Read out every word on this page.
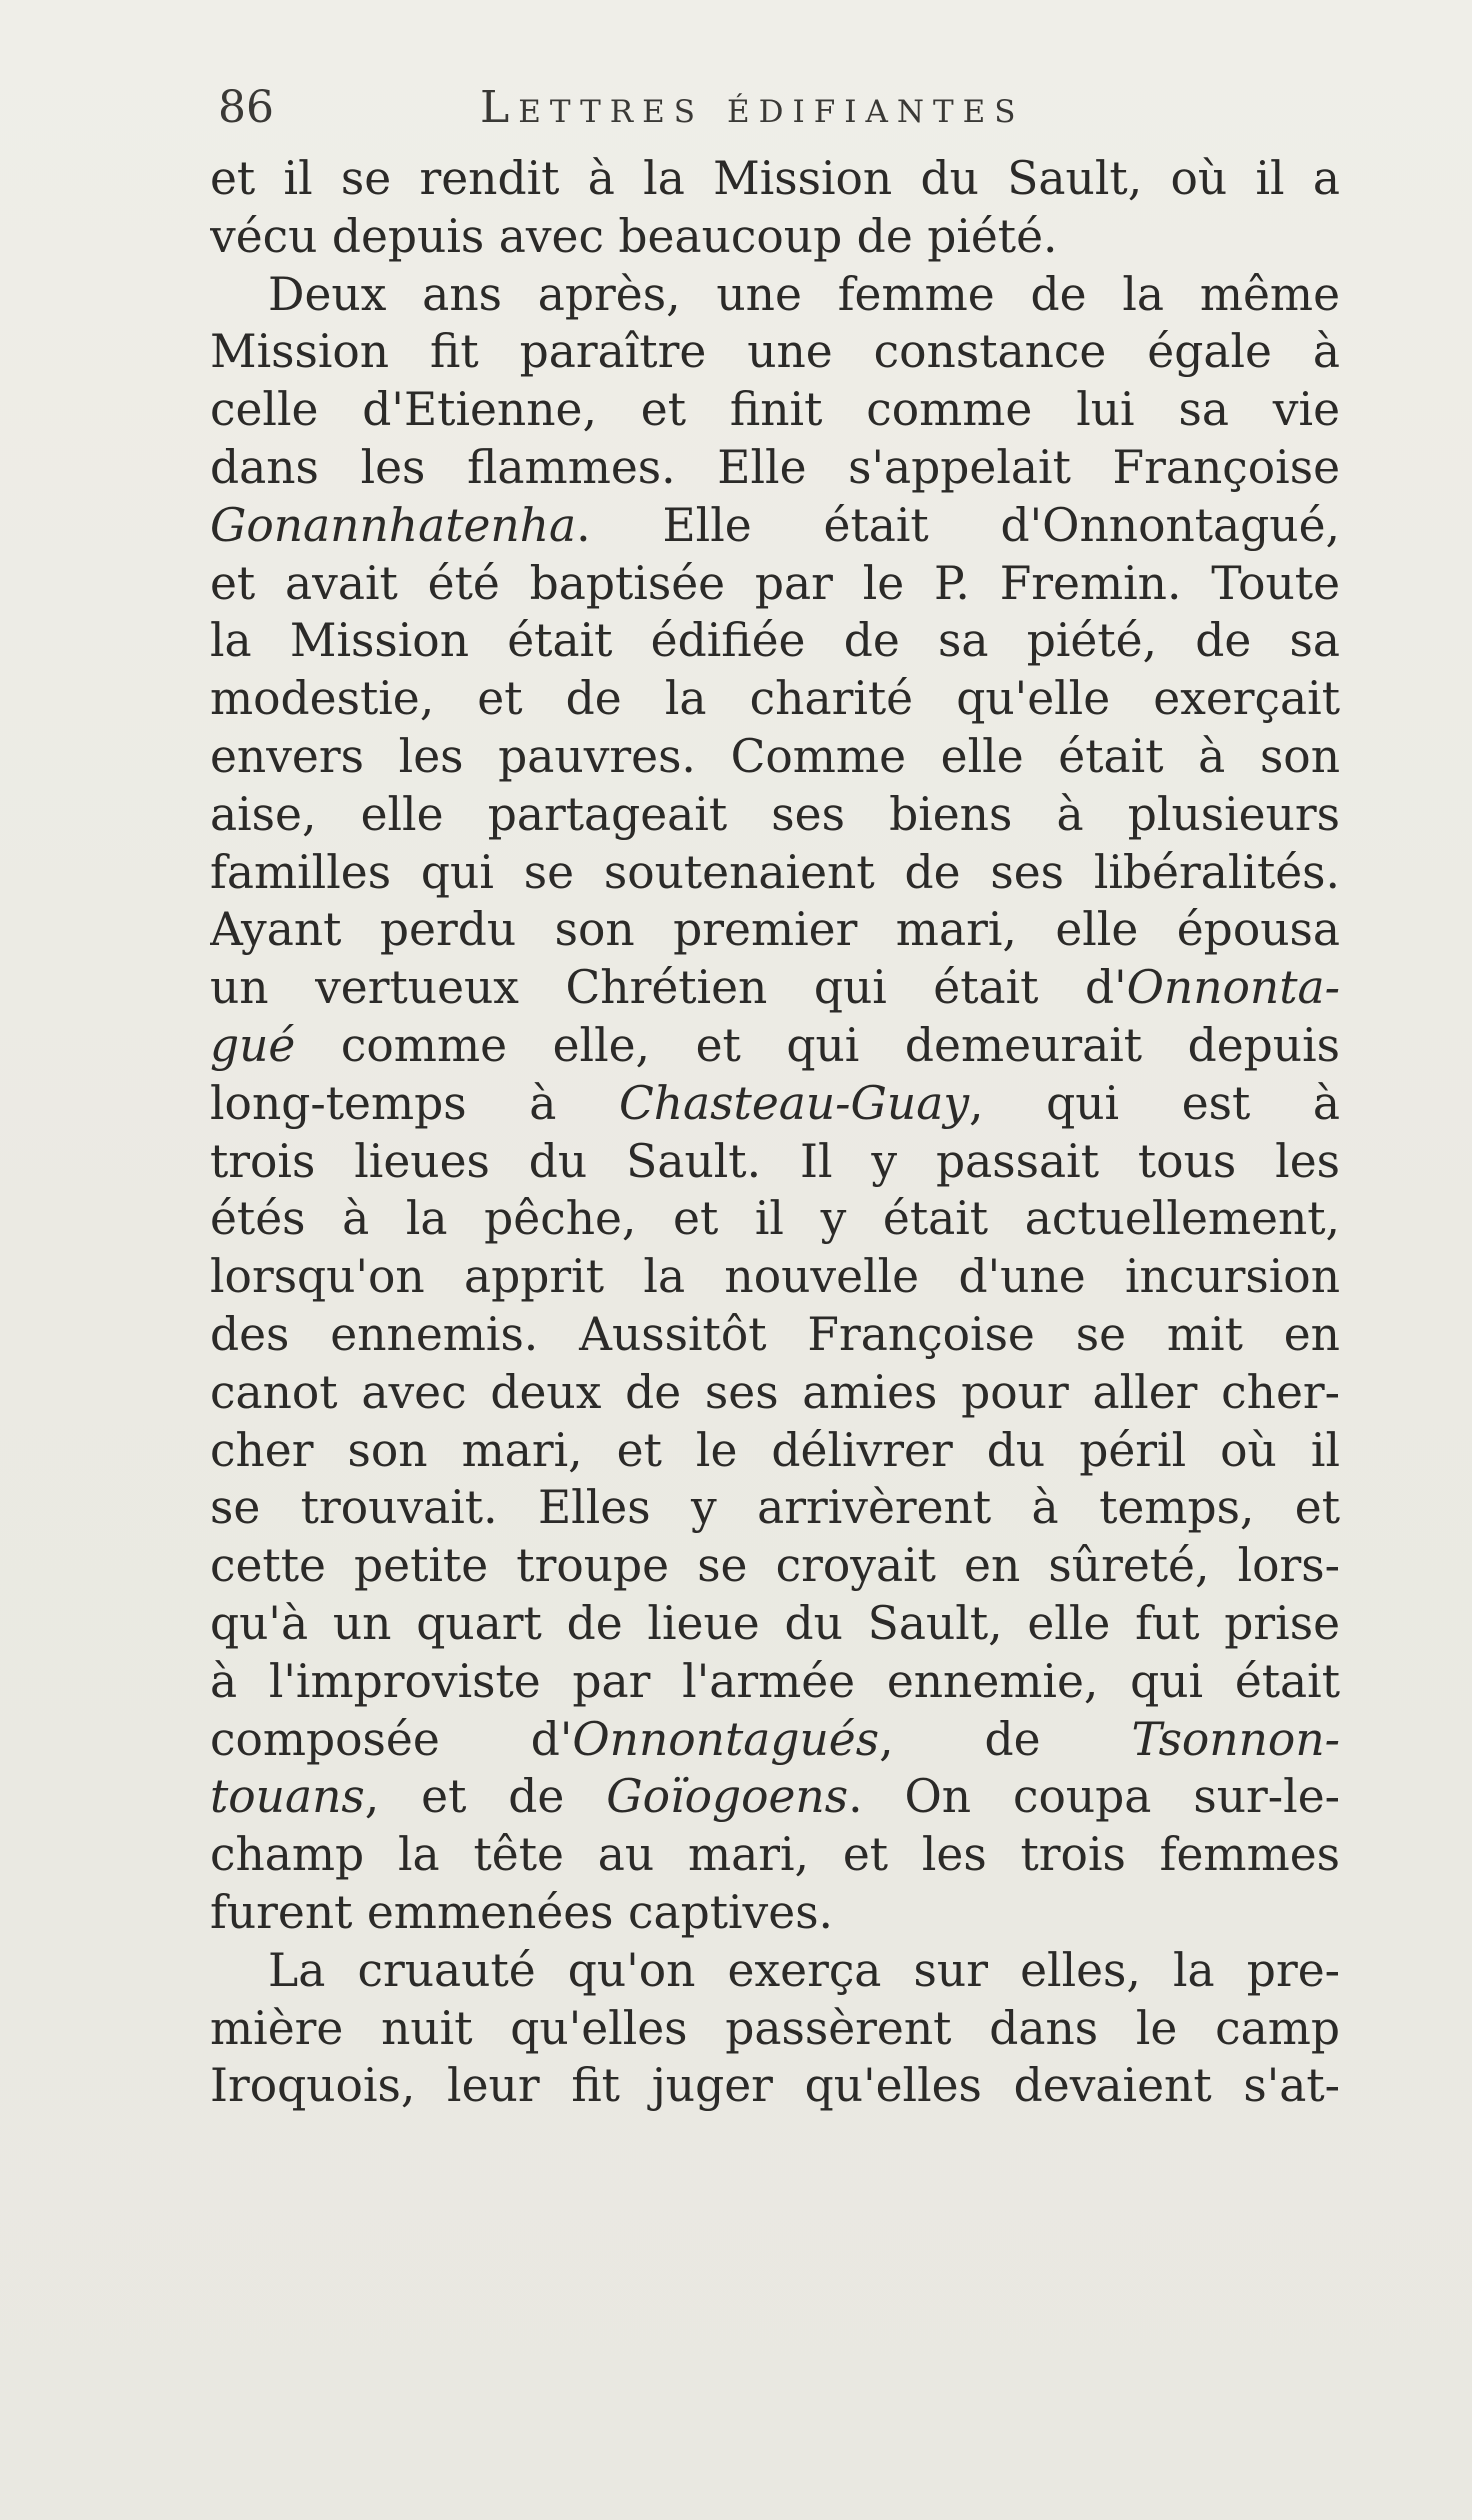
86	Lettres édifiantes
et il se rendit à la Mission du Sault, où il a
vécu depuis avec beaucoup de piété.
Deux ans après, une femme de la même
Mission fit paraître une constance égale à
celle d'Etienne, et finit comme lui sa vie
dans les flammes. Elle s'appelait Françoise
Gonannhatenha. Elle était d'Onnontagué,
et avait été baptisée par le P. Fremin. Toute
la Mission était édifiée de sa piété, de sa
modestie, et de la charité qu'elle exerçait
envers les pauvres. Comme elle était à son
aise, elle partageait ses biens à plusieurs
familles qui se soutenaient de ses libéralités.
Ayant perdu son premier mari, elle épousa
un vertueux Chrétien qui était d'Onnonta-
gué comme elle, et qui demeurait depuis
long-temps à Chasteau-Guay, qui est à
trois lieues du Sault. Il y passait tous les
étés à la pêche, et il y était actuellement,
lorsqu'on apprit la nouvelle d'une incursion
des ennemis. Aussitôt Françoise se mit en
canot avec deux de ses amies pour aller cher-
cher son mari, et le délivrer du péril où il
se trouvait. Elles y arrivèrent à temps, et
cette petite troupe se croyait en sûreté, lors-
qu'à un quart de lieue du Sault, elle fut prise
à l'improviste par l'armée ennemie, qui était
composée d'Onnontagués, de Tsonnon-
touans, et de Goïogoens. On coupa sur-le-
champ la tête au mari, et les trois femmes
furent emmenées captives.
La cruauté qu'on exerça sur elles, la pre-
mière nuit qu'elles passèrent dans le camp
Iroquois, leur fit juger qu'elles devaient s'at-
